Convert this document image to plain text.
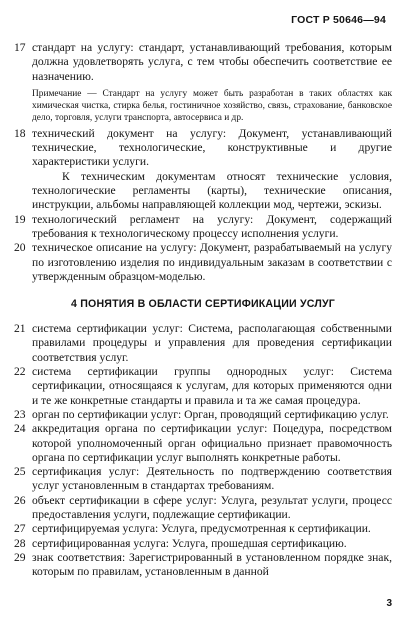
ГОСТ Р 50646—94
17 стандарт на услугу: стандарт, устанавливающий требования, которым должна удовлетворять услуга, с тем чтобы обеспечить соответствие ее назначению.
Примечание — Стандарт на услугу может быть разработан в таких областях как химическая чистка, стирка белья, гостиничное хозяйство, связь, страхование, банковское дело, торговля, услуги транспорта, автосервиса и др.
18 технический документ на услугу: Документ, устанавливающий технические, технологические, конструктивные и другие характеристики услуги.
К техническим документам относят технические условия, технологические регламенты (карты), технические описания, инструкции, альбомы направляющей коллекции мод, чертежи, эскизы.
19 технологический регламент на услугу: Документ, содержащий требования к технологическому процессу исполнения услуги.
20 техническое описание на услугу: Документ, разрабатываемый на услугу по изготовлению изделия по индивидуальным заказам в соответствии с утвержденным образцом-моделью.
4 ПОНЯТИЯ В ОБЛАСТИ СЕРТИФИКАЦИИ УСЛУГ
21 система сертификации услуг: Система, располагающая собственными правилами процедуры и управления для проведения сертификации соответствия услуг.
22 система сертификации группы однородных услуг: Система сертификации, относящаяся к услугам, для которых применяются одни и те же конкретные стандарты и правила и та же самая процедура.
23 орган по сертификации услуг: Орган, проводящий сертификацию услуг.
24 аккредитация органа по сертификации услуг: Поцедура, посредством которой уполномоченный орган официально признает правомочность органа по сертификации услуг выполнять конкретные работы.
25 сертификация услуг: Деятельность по подтверждению соответствия услуг установленным в стандартах требованиям.
26 объект сертификации в сфере услуг: Услуга, результат услуги, процесс предоставления услуги, подлежащие сертификации.
27 сертифицируемая услуга: Услуга, предусмотренная к сертификации.
28 сертифицированная услуга: Услуга, прошедшая сертификацию.
29 знак соответствия: Зарегистрированный в установленном порядке знак, которым по правилам, установленным в данной
3
